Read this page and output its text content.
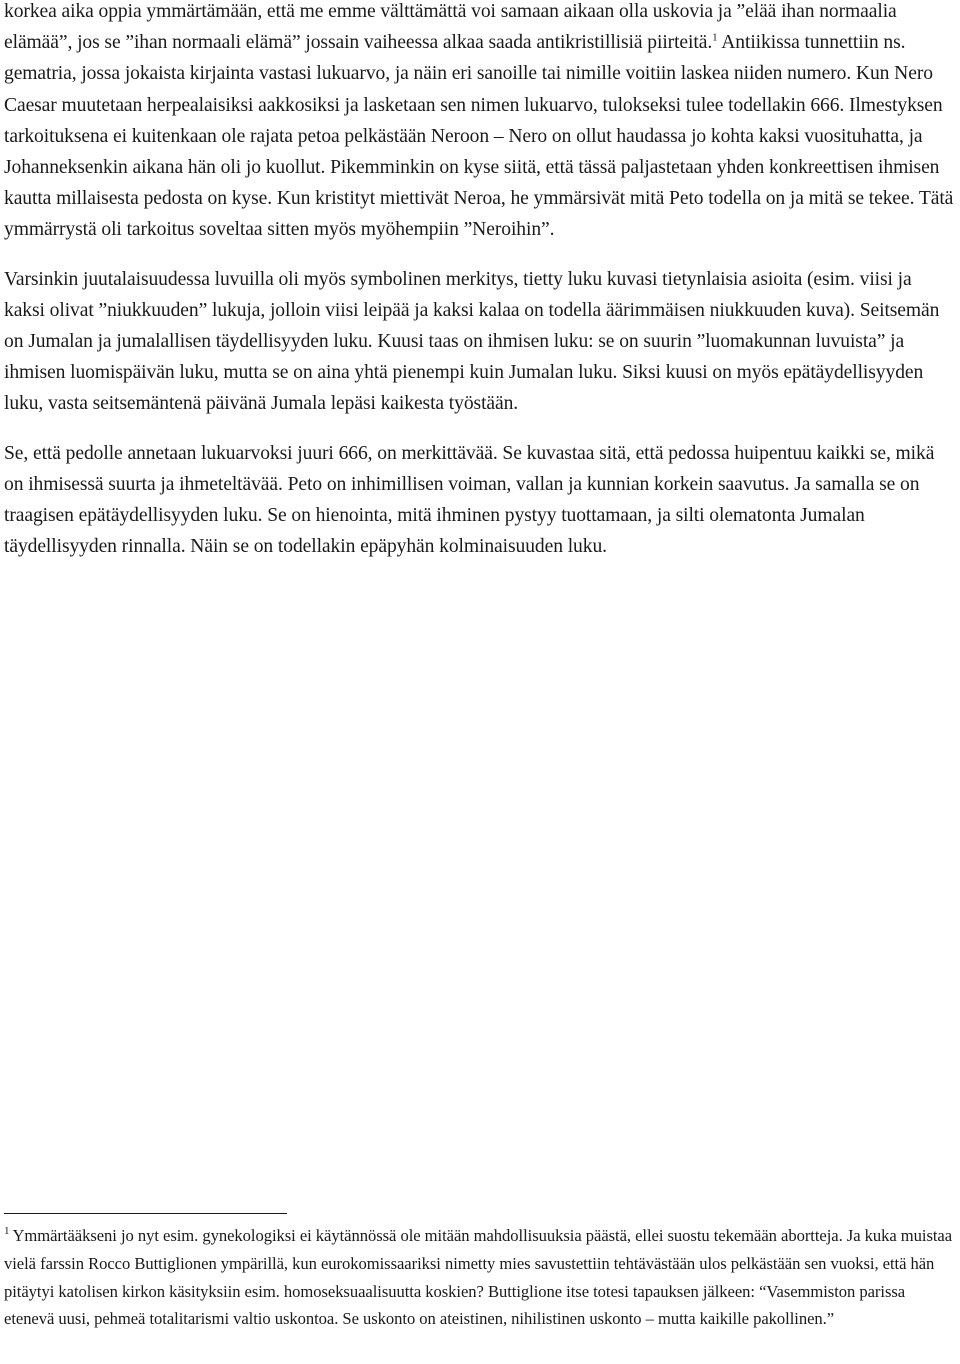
korkea aika oppia ymmärtämään, että me emme välttämättä voi samaan aikaan olla uskovia ja ”elää ihan normaalia elämää”, jos se ”ihan normaali elämä” jossain vaiheessa alkaa saada antikristillisiä piirteitä.$^1$ Antiikissa tunnettiin ns. gematria, jossa jokaista kirjainta vastasi lukuarvo, ja näin eri sanoille tai nimille voitiin laskea niiden numero. Kun Nero Caesar muutetaan herpealaisiksi aakkosiksi ja lasketaan sen nimen lukuarvo, tulokseksi tulee todellakin 666. Ilmestyksen tarkoituksena ei kuitenkaan ole rajata petoa pelkästään Neroon – Nero on ollut haudassa jo kohta kaksi vuosituhatta, ja Johanneksenkin aikana hän oli jo kuollut. Pikemminkin on kyse siitä, että tässä paljastetaan yhden konkreettisen ihmisen kautta millaisesta pedosta on kyse. Kun kristityt miettivät Neroa, he ymmärsivät mitä Peto todella on ja mitä se tekee. Tätä ymmärrystä oli tarkoitus soveltaa sitten myös myöhempiin ”Neroihin”.

Varsinkin juutalaisuudessa luvuilla oli myös symbolinen merkitys, tietty luku kuvasi tietynlaisia asioita (esim. viisi ja kaksi olivat ”niukkuuden” lukuja, jolloin viisi leipää ja kaksi kalaa on todella äärimmäisen niukkuuden kuva). Seitsemän on Jumalan ja jumalallisen täydellisyyden luku. Kuusi taas on ihmisen luku: se on suurin ”luomakunnan luvuista” ja ihmisen luomispäivän luku, mutta se on aina yhtä pienempi kuin Jumalan luku. Siksi kuusi on myös epätäydellisyyden luku, vasta seitsemäntenä päivänä Jumala lepäsi kaikesta työstään.

Se, että pedolle annetaan lukuarvoksi juuri 666, on merkittävää. Se kuvastaa sitä, että pedossa huipentuu kaikki se, mikä on ihmisessä suurta ja ihmeteltävää. Peto on inhimillisen voiman, vallan ja kunnian korkein saavutus. Ja samalla se on traagisen epätäydellisyyden luku. Se on hienointa, mitä ihminen pystyy tuottamaan, ja silti olematonta Jumalan täydellisyyden rinnalla. Näin se on todellakin epäpyhän kolminaisuuden luku.

$^1$ Ymmärtääkseni jo nyt esim. gynekologiksi ei käytännössä ole mitään mahdollisuuksia päästä, ellei suostu tekemään aborttejа. Ja kuka muistaa vielä farssin Rocco Buttiglionen ympärillä, kun eurokomissaariksi nimetty mies savustettiin tehtävästään ulos pelkästään sen vuoksi, että hän pitäytyi katolisen kirkon käsityksiin esim. homoseksuaalisuutta koskien? Buttiglione itse totesi tapauksen jälkeen: “Vasemmiston parissa etenevä uusi, pehmeä totalitarismi valtio uskontoa. Se uskonto on ateistinen, nihilistinen uskonto – mutta kaikille pakollinen.”
